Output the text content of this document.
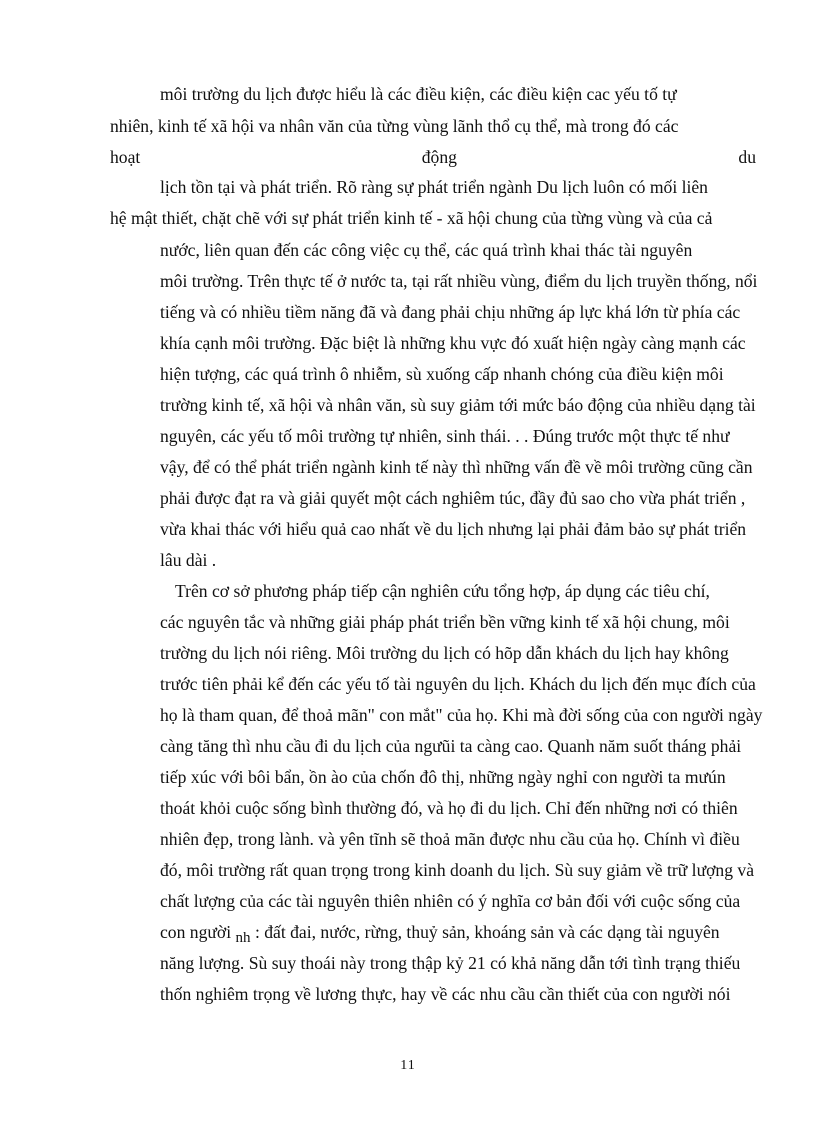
môi trường du lịch được hiểu là các điều kiện, các điều kiện cac yếu tố tự
nhiên, kinh tế xã hội va nhân văn của từng vùng lãnh thổ cụ thể, mà trong đó các
hoạt	động	du
lịch tồn tại và phát triển. Rõ ràng sự phát triển ngành Du lịch luôn có mối liên
hệ mật thiết, chặt chẽ với sự phát triển kinh tế - xã hội chung của từng vùng và của cả
nước, liên quan đến các công việc cụ thể, các quá trình khai thác tài nguyên
môi trường. Trên thực tế ở nước ta, tại rất nhiều vùng, điểm du lịch truyền thống, nổi
tiếng và có nhiều tiềm năng đã và đang phải chịu những áp lực khá lớn từ phía các
khía cạnh môi trường. Đặc biệt là những khu vực đó xuất hiện ngày càng mạnh các
hiện tượng, các quá trình ô nhiễm, sù xuống cấp nhanh chóng của điều kiện môi
trường kinh tế, xã hội và nhân văn, sù suy giảm tới mức báo động của nhiều dạng tài
nguyên, các yếu tố môi trường tự nhiên, sinh thái. . . Đúng trước một thực tế như
vậy, để có thể phát triển ngành kinh tế này thì những vấn đề về môi trường cũng cần
phải được đạt ra và giải quyết một cách nghiêm túc, đầy đủ sao cho vừa phát triển ,
vừa khai thác với hiểu quả cao nhất về du lịch nhưng lại phải đảm bảo sự phát triển
lâu dài .
Trên cơ sở phương pháp tiếp cận nghiên cứu tổng hợp, áp dụng các tiêu chí,
các nguyên tắc và những giải pháp phát triển bền vững kinh tế xã hội chung, môi
trường du lịch nói riêng. Môi trường du lịch có hõp dẫn khách du lịch hay không
trước tiên phải kể đến các yếu tố tài nguyên du lịch. Khách du lịch đến mục đích của
họ là tham quan, để thoả mãn" con mắt" của họ. Khi mà đời sống của con người ngày
càng tăng thì nhu cầu đi du lịch của ngưũi ta càng cao. Quanh năm suốt tháng phải
tiếp xúc với bôi bẩn, ồn ào của chốn đô thị, những ngày nghỉ con người ta mưún
thoát khỏi cuộc sống bình thường đó, và họ đi du lịch. Chỉ đến những nơi có thiên
nhiên đẹp, trong lành. và yên tĩnh sẽ thoả mãn được nhu cầu của họ. Chính vì điều
đó, môi trường rất quan trọng trong kinh doanh du lịch. Sù suy giảm về trữ lượng và
chất lượng của các tài nguyên thiên nhiên có ý nghĩa cơ bản đối với cuộc sống của
con người nh : đất đai, nước, rừng, thuỷ sản, khoáng sản và các dạng tài nguyên
năng lượng. Sù suy thoái này trong thập kỷ 21 có khả năng dẫn tới tình trạng thiếu
thốn nghiêm trọng về lương thực, hay về các nhu cầu cần thiết của con người nói
11
